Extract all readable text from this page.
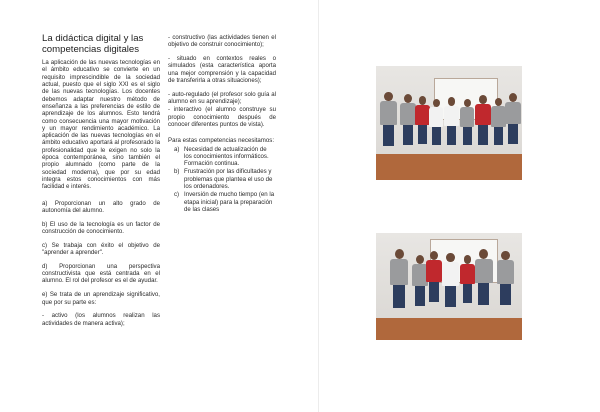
La didáctica digital y las competencias digitales

La aplicación de las nuevas tecnologías en el ámbito educativo se convierte en un requisito imprescindible de la sociedad actual, puesto que el siglo XXI es el siglo de las nuevas tecnologías. Los docentes debemos adaptar nuestro método de enseñanza a las preferencias de estilo de aprendizaje de los alumnos. Esto tendrá como consecuencia una mayor motivación y un mayor rendimiento académico. La aplicación de las nuevas tecnologías en el ámbito educativo aportará al profesorado la profesionalidad que le exigen no solo la época contemporánea, sino también el propio alumnado (como parte de la sociedad moderna), que por su edad integra estos conocimientos con más facilidad e interés.

a) Proporcionan un alto grado de autonomía del alumno.

b) El uso de la tecnología es un factor de construcción de conocimiento.

c) Se trabaja con éxito el objetivo de "aprender a aprender".

d) Proporcionan una perspectiva constructivista que está centrada en el alumno. El rol del profesor es el de ayudar.

e) Se trata de un aprendizaje significativo, que por su parte es:

- activo (los alumnos realizan las actividades de manera activa);

- constructivo (las actividades tienen el objetivo de construir conocimiento);

- situado en contextos reales o simulados (esta característica aporta una mejor comprensión y la capacidad de transferirla a otras situaciones);

- auto-regulado (el profesor solo guía al alumno en su aprendizaje);

- interactivo (el alumno construye su propio conocimiento después de conocer diferentes puntos de vista).

Para estas competencias necesitamos:

a) Necesidad de actualización de los conocimientos informáticos. Formación continua.
b) Frustración por las dificultades y problemas que plantea el uso de los ordenadores.
c) Inversión de mucho tiempo (en la etapa inicial) para la preparación de las clases
